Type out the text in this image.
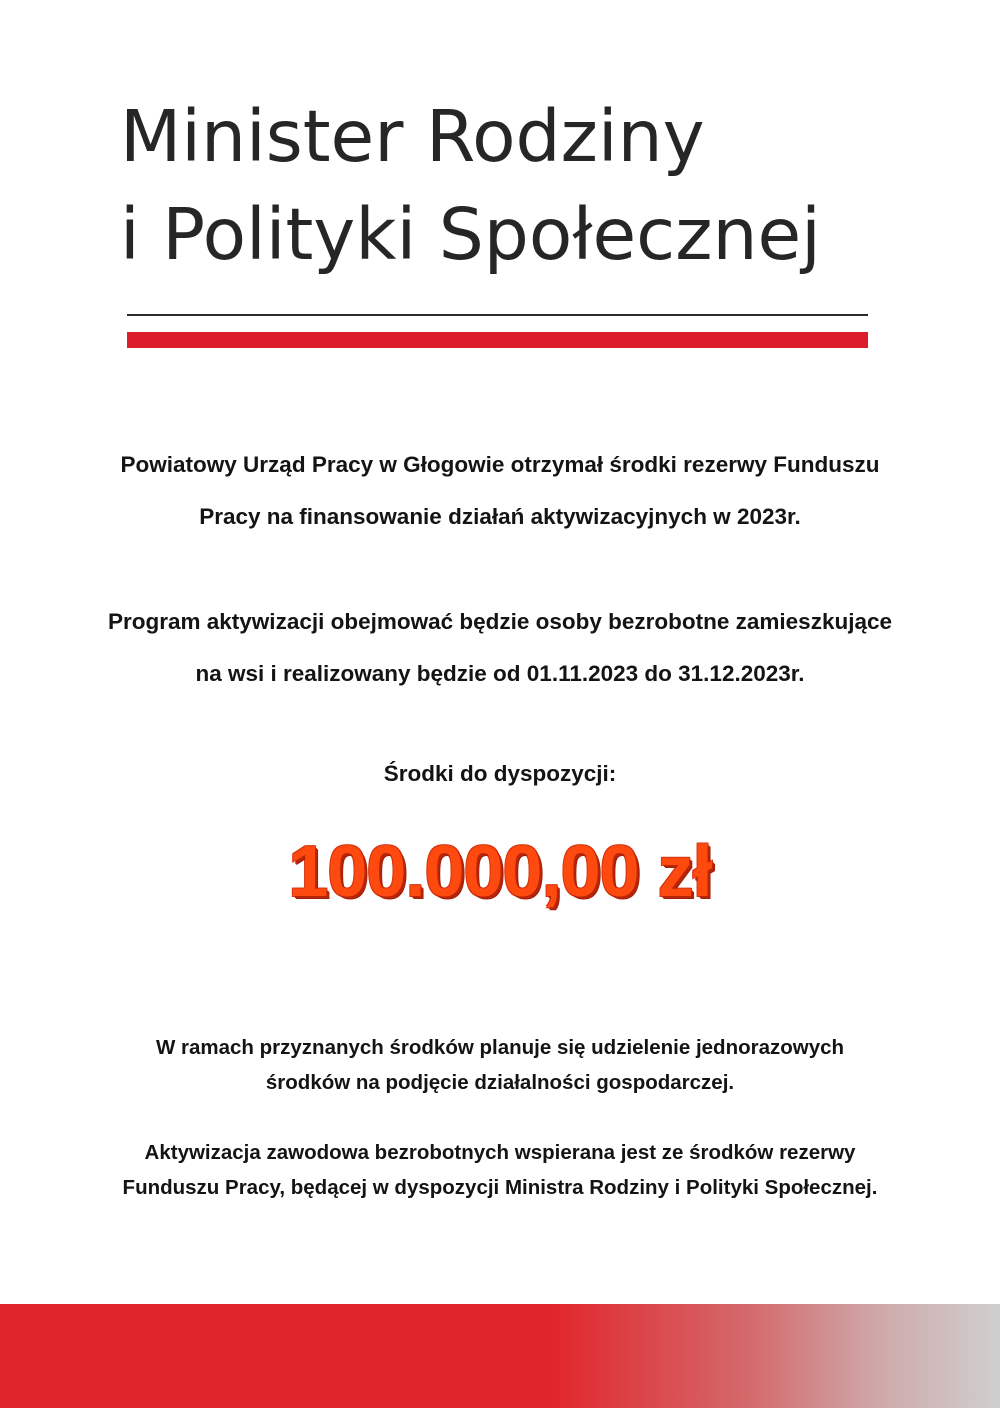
Minister Rodziny
i Polityki Społecznej
Powiatowy Urząd Pracy w Głogowie otrzymał środki rezerwy Funduszu
Pracy na finansowanie działań aktywizacyjnych w 2023r.
Program aktywizacji obejmować będzie osoby bezrobotne zamieszkujące
na wsi i realizowany będzie od 01.11.2023 do 31.12.2023r.
Środki do dyspozycji:
100.000,00 zł
W ramach przyznanych środków planuje się udzielenie jednorazowych
środków na podjęcie działalności gospodarczej.
Aktywizacja zawodowa bezrobotnych wspierana jest ze środków rezerwy
Funduszu Pracy, będącej w dyspozycji Ministra Rodziny i Polityki Społecznej.
